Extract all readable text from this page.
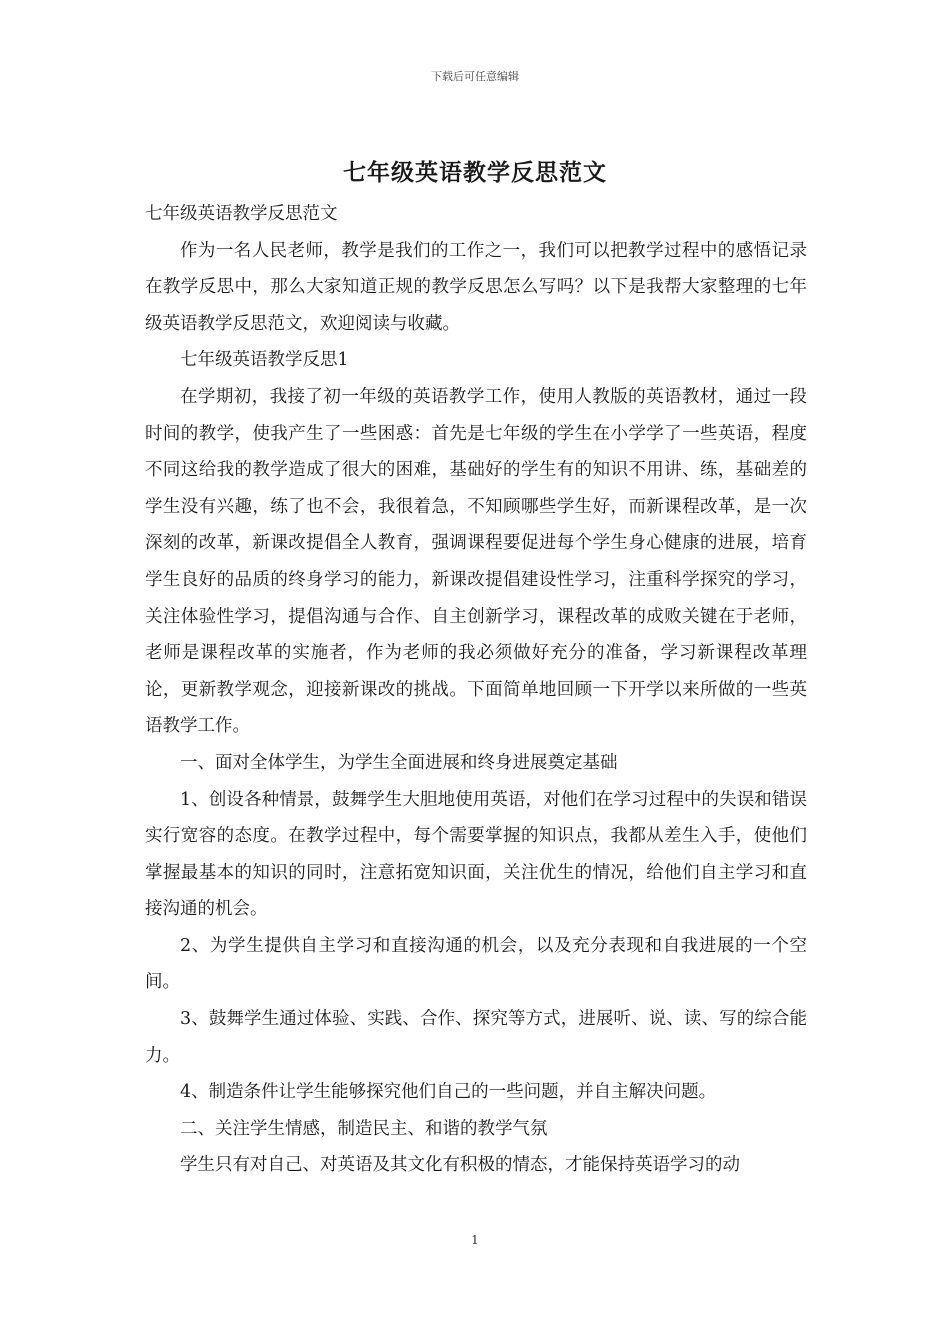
下载后可任意编辑
七年级英语教学反思范文

七年级英语教学反思范文

作为一名人民老师，教学是我们的工作之一，我们可以把教学过程中的感悟记录在教学反思中，那么大家知道正规的教学反思怎么写吗？以下是我帮大家整理的七年级英语教学反思范文，欢迎阅读与收藏。

七年级英语教学反思1

在学期初，我接了初一年级的英语教学工作，使用人教版的英语教材，通过一段时间的教学，使我产生了一些困惑：首先是七年级的学生在小学学了一些英语，程度不同这给我的教学造成了很大的困难，基础好的学生有的知识不用讲、练，基础差的学生没有兴趣，练了也不会，我很着急，不知顾哪些学生好，而新课程改革，是一次深刻的改革，新课改提倡全人教育，强调课程要促进每个学生身心健康的进展，培育学生良好的品质的终身学习的能力，新课改提倡建设性学习，注重科学探究的学习，关注体验性学习，提倡沟通与合作、自主创新学习，课程改革的成败关键在于老师，老师是课程改革的实施者，作为老师的我必须做好充分的准备，学习新课程改革理论，更新教学观念，迎接新课改的挑战。下面简单地回顾一下开学以来所做的一些英语教学工作。

一、面对全体学生，为学生全面进展和终身进展奠定基础

1、创设各种情景，鼓舞学生大胆地使用英语，对他们在学习过程中的失误和错误实行宽容的态度。在教学过程中，每个需要掌握的知识点，我都从差生入手，使他们掌握最基本的知识的同时，注意拓宽知识面，关注优生的情况，给他们自主学习和直接沟通的机会。

2、为学生提供自主学习和直接沟通的机会，以及充分表现和自我进展的一个空间。

3、鼓舞学生通过体验、实践、合作、探究等方式，进展听、说、读、写的综合能力。

4、制造条件让学生能够探究他们自己的一些问题，并自主解决问题。

二、关注学生情感，制造民主、和谐的教学气氛

学生只有对自己、对英语及其文化有积极的情态，才能保持英语学习的动

1
